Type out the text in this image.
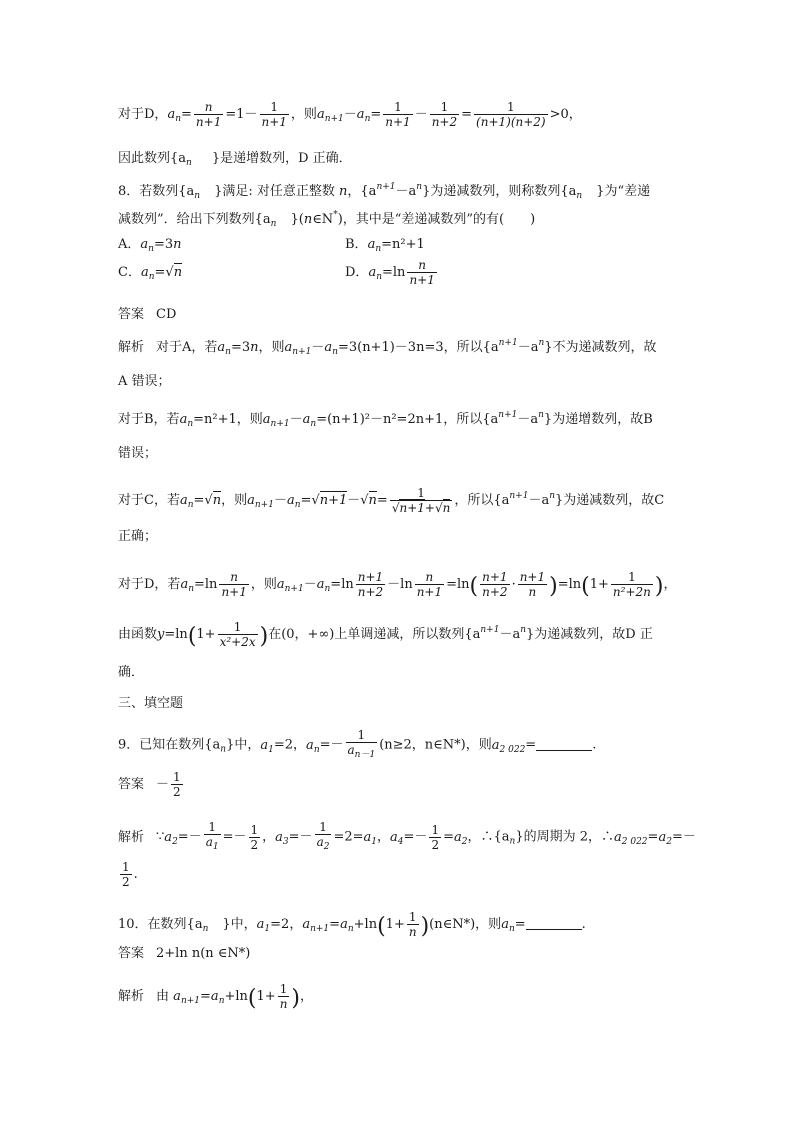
对于D，$a_n= \frac{n}{n+1} =1- \frac{1}{n+1}$ ，则$a_{n+1}-a_n= \frac{1}{n+1} - \frac{1}{n+2} = \frac{1}{(n+1)(n+2)} >0$，
因此数列{$a_n$ }是递增数列，D 正确．
8．若数列{$a_n$ }满足: 对任意正整数 n，$\{a^{n+1}-a^n\}$为递减数列，则称数列{$a_n$ }为“差递
减数列”．给出下列数列{$a_n$ }(n∈N*)，其中是“差递减数列”的有(　　)
A．$a_n=3n$	B．$a_n=n^2+1$
C．$a_n=√n$	D．$a_n=\ln \frac{n}{n+1}$
答案 CD
解析 对于A，若$a_n=3n$，则$a_{n+1}-a_n=3(n+1)-3n=3$，所以$\{a^{n+1}-a^n\}$不为递减数列，故
A 错误；
对于B，若$a_n=n^2+1$，则$a_{n+1}-a_n=(n+1)^2-n^2=2n+1$，所以$\{a^{n+1}-a^n\}$为递增数列，故B
错误；
对于C，若$a_n=√n$，则$a_{n+1}-a_n=√n+1-√n= \frac{1}{√n+1+√n}$ ，所以$\{a^{n+1}-a^n\}$为递减数列，故C
正确；
对于D，若$a_n=\ln \frac{n}{n+1}$ ，则$a_{n+1}-a_n=\ln \frac{n+1}{n+2} -\ln \frac{n}{n+1} =\ln( \frac{n+1}{n+2} \cdot \frac{n+1}{n} )=\ln(1+ \frac{1}{\text{n²+2n}}$ )，
由函数$y=\ln(1+ \frac{1}{\text{x²+2x}}$ )在(0，+∞)上单调递减，所以数列$\{a^{n+1}-a^n\}$为递减数列，故D 正
确．
三、填空题
9．已知在数列$\{a_n\}$中，$a_1=2$，$a_n=- \frac{1}{a_{n-1}} (n\ge 2$，n∈N*)，则$a_{2 022}=$	.
答案 － $\frac{1}{2}$
解析 $\because a_2=- \frac{1}{a_1} =- \frac{1}{2}$ ，$a_3=- \frac{1}{a_2} =2=a_1$，$a_4=- \frac{1}{2} =a_2$，$\therefore\{a_n\}$的周期为 2，$\therefore a_{2 022}=a_2=-$
$\frac{1}{2}$ .
10．在数列{$a_n$ }中，$a_1=2$，$a_{n+1}=a_n+\ln(1+ \frac{1}{n}$ )(n∈N*)，则$a_n=$	.
答案 2+ln n(n ∈N*)
解析 由 $a_{n+1}=a_n+\ln(1+ \frac{1}{n}$ )，
